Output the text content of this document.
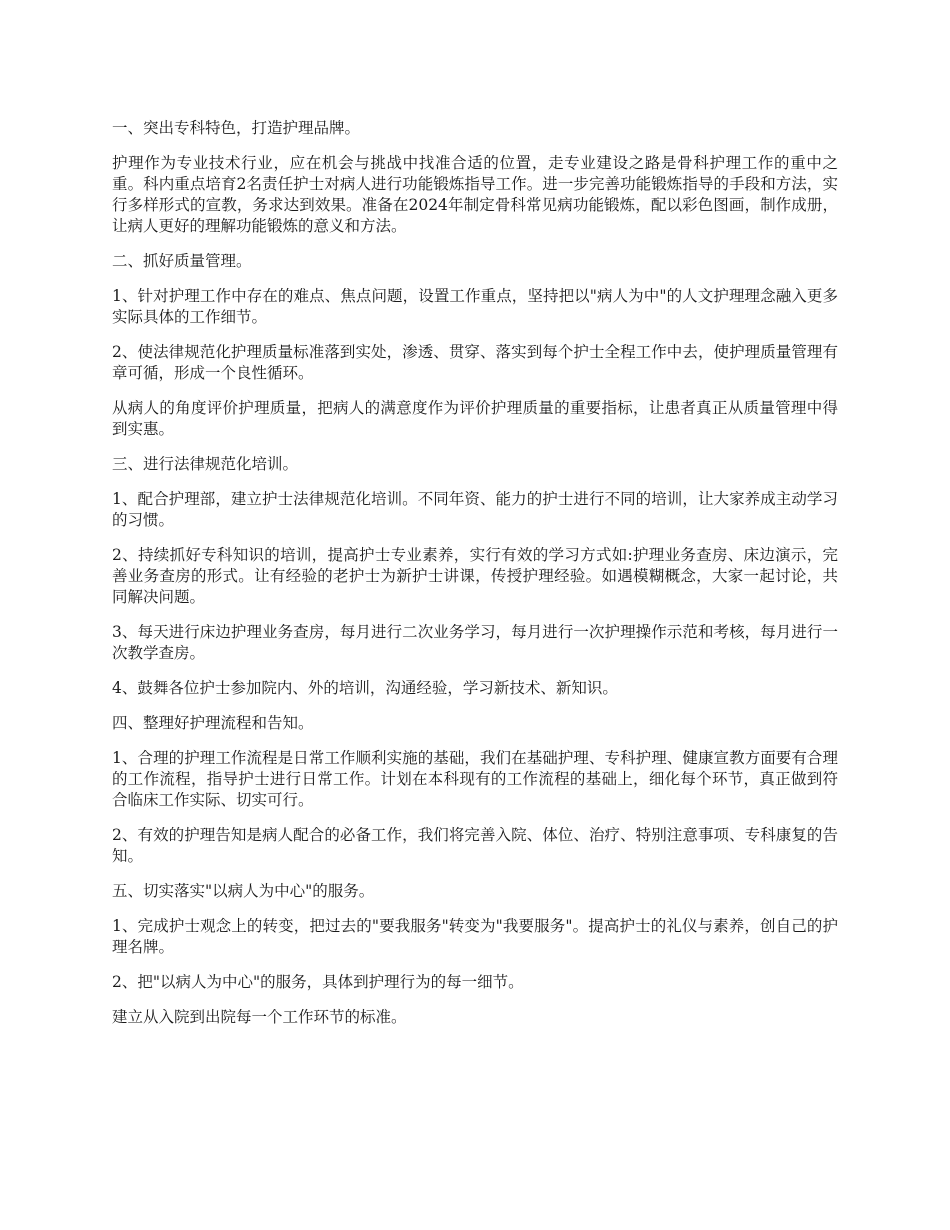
一、突出专科特色，打造护理品牌。

护理作为专业技术行业，应在机会与挑战中找准合适的位置，走专业建设之路是骨科护理工作的重中之重。科内重点培育2名责任护士对病人进行功能锻炼指导工作。进一步完善功能锻炼指导的手段和方法，实行多样形式的宣教，务求达到效果。准备在2024年制定骨科常见病功能锻炼，配以彩色图画，制作成册，让病人更好的理解功能锻炼的意义和方法。

二、抓好质量管理。

1、针对护理工作中存在的难点、焦点问题，设置工作重点，坚持把以"病人为中"的人文护理理念融入更多实际具体的工作细节。

2、使法律规范化护理质量标准落到实处，渗透、贯穿、落实到每个护士全程工作中去，使护理质量管理有章可循，形成一个良性循环。

从病人的角度评价护理质量，把病人的满意度作为评价护理质量的重要指标，让患者真正从质量管理中得到实惠。

三、进行法律规范化培训。

1、配合护理部，建立护士法律规范化培训。不同年资、能力的护士进行不同的培训，让大家养成主动学习的习惯。

2、持续抓好专科知识的培训，提高护士专业素养，实行有效的学习方式如:护理业务查房、床边演示，完善业务查房的形式。让有经验的老护士为新护士讲课，传授护理经验。如遇模糊概念，大家一起讨论，共同解决问题。

3、每天进行床边护理业务查房，每月进行二次业务学习，每月进行一次护理操作示范和考核，每月进行一次教学查房。

4、鼓舞各位护士参加院内、外的培训，沟通经验，学习新技术、新知识。

四、整理好护理流程和告知。

1、合理的护理工作流程是日常工作顺利实施的基础，我们在基础护理、专科护理、健康宣教方面要有合理的工作流程，指导护士进行日常工作。计划在本科现有的工作流程的基础上，细化每个环节，真正做到符合临床工作实际、切实可行。

2、有效的护理告知是病人配合的必备工作，我们将完善入院、体位、治疗、特别注意事项、专科康复的告知。

五、切实落实"以病人为中心"的服务。

1、完成护士观念上的转变，把过去的"要我服务"转变为"我要服务"。提高护士的礼仪与素养，创自己的护理名牌。

2、把"以病人为中心"的服务，具体到护理行为的每一细节。

建立从入院到出院每一个工作环节的标准。
